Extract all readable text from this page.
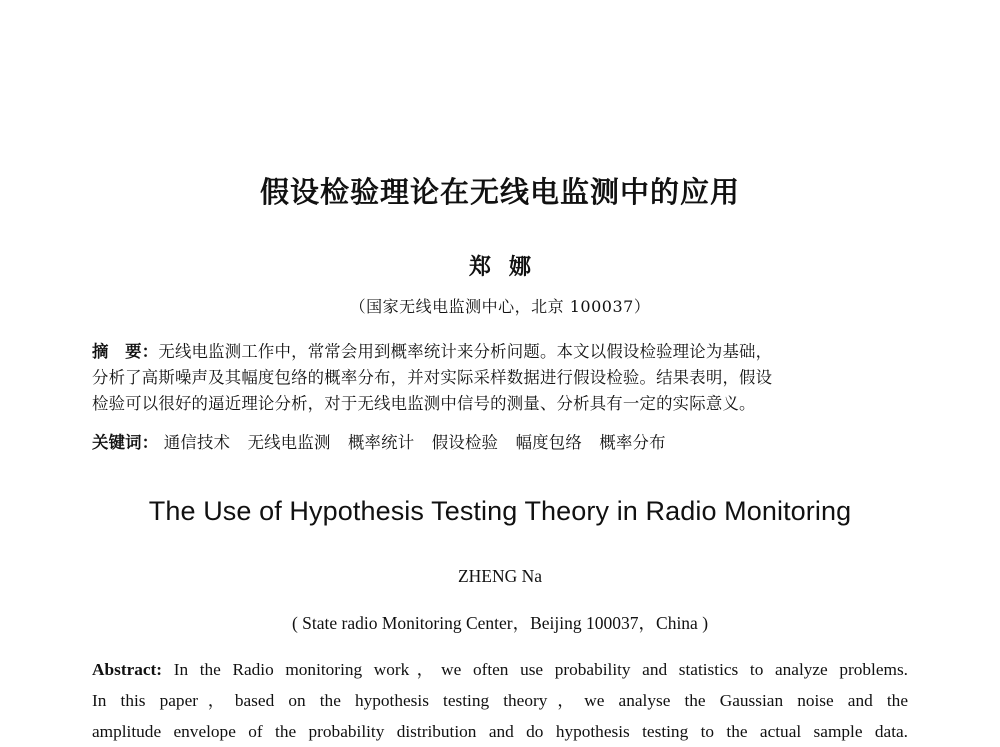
假设检验理论在无线电监测中的应用
郑娜
（国家无线电监测中心，北京 100037）
摘　要：无线电监测工作中，常常会用到概率统计来分析问题。本文以假设检验理论为基础，
分析了高斯噪声及其幅度包络的概率分布，并对实际采样数据进行假设检验。结果表明，假设
检验可以很好的逼近理论分析，对于无线电监测中信号的测量、分析具有一定的实际意义。
关键词： 通信技术 无线电监测 概率统计 假设检验 幅度包络 概率分布
The Use of Hypothesis Testing Theory in Radio Monitoring
ZHENG Na
( State radio Monitoring Center，Beijing 100037，China )
Abstract: In the Radio monitoring work，we often use probability and statistics to analyze problems.
In this paper，based on the hypothesis testing theory，we analyse the Gaussian noise and the
amplitude envelope of the probability distribution and do hypothesis testing to the actual sample data.
